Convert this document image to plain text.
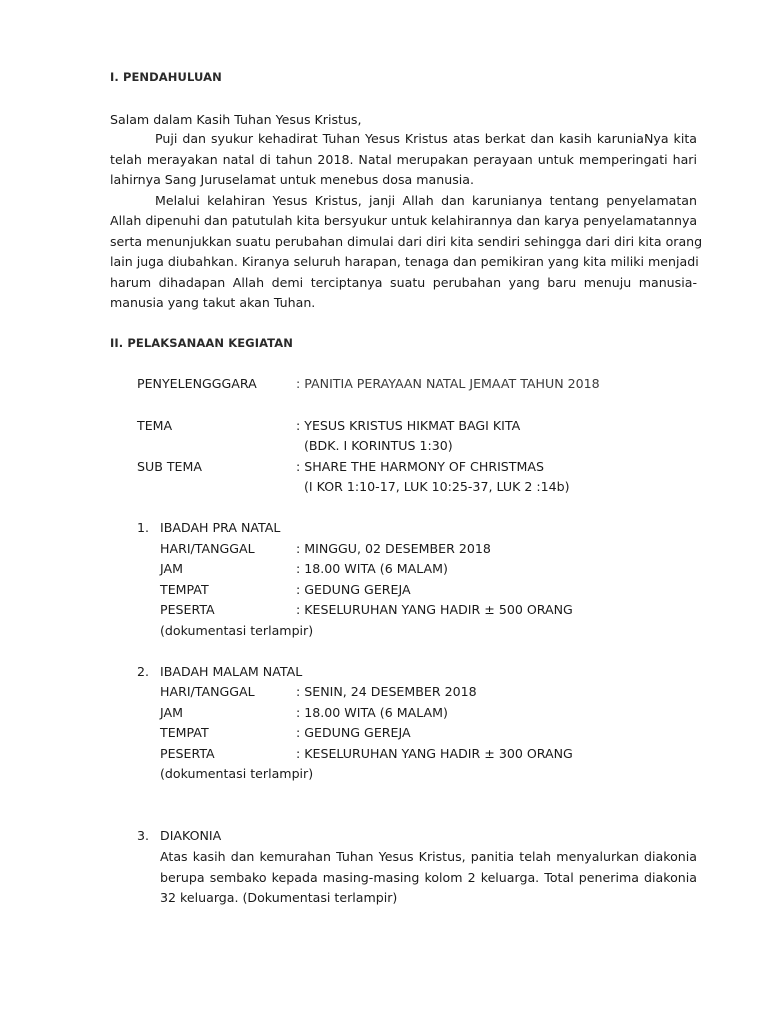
I. PENDAHULUAN
Salam dalam Kasih Tuhan Yesus Kristus,
Puji dan syukur kehadirat Tuhan Yesus Kristus atas berkat dan kasih karuniaNya kita
telah merayakan natal di tahun 2018. Natal merupakan perayaan untuk memperingati hari
lahirnya Sang Juruselamat untuk menebus dosa manusia.
Melalui kelahiran Yesus Kristus, janji Allah dan karunianya tentang penyelamatan
Allah dipenuhi dan patutulah kita bersyukur untuk kelahirannya dan karya penyelamatannya
serta menunjukkan suatu perubahan dimulai dari diri kita sendiri sehingga dari diri kita orang
lain juga diubahkan. Kiranya seluruh harapan, tenaga dan pemikiran yang kita miliki menjadi
harum dihadapan Allah demi terciptanya suatu perubahan yang baru menuju manusia-
manusia yang takut akan Tuhan.
II. PELAKSANAAN KEGIATAN
PENYELENGGGARA	: PANITIA PERAYAAN NATAL JEMAAT TAHUN 2018
TEMA	: YESUS KRISTUS HIKMAT BAGI KITA
(BDK. I KORINTUS 1:30)
SUB TEMA	: SHARE THE HARMONY OF CHRISTMAS
(I KOR 1:10-17, LUK 10:25-37, LUK 2 :14b)
1. IBADAH PRA NATAL
HARI/TANGGAL	: MINGGU, 02 DESEMBER 2018
JAM	: 18.00 WITA (6 MALAM)
TEMPAT	: GEDUNG GEREJA
PESERTA	: KESELURUHAN YANG HADIR ± 500 ORANG
(dokumentasi terlampir)
2. IBADAH MALAM NATAL
HARI/TANGGAL	: SENIN, 24 DESEMBER 2018
JAM	: 18.00 WITA (6 MALAM)
TEMPAT	: GEDUNG GEREJA
PESERTA	: KESELURUHAN YANG HADIR ± 300 ORANG
(dokumentasi terlampir)
3. DIAKONIA
Atas kasih dan kemurahan Tuhan Yesus Kristus, panitia telah menyalurkan diakonia
berupa sembako kepada masing-masing kolom 2 keluarga. Total penerima diakonia
32 keluarga. (Dokumentasi terlampir)
